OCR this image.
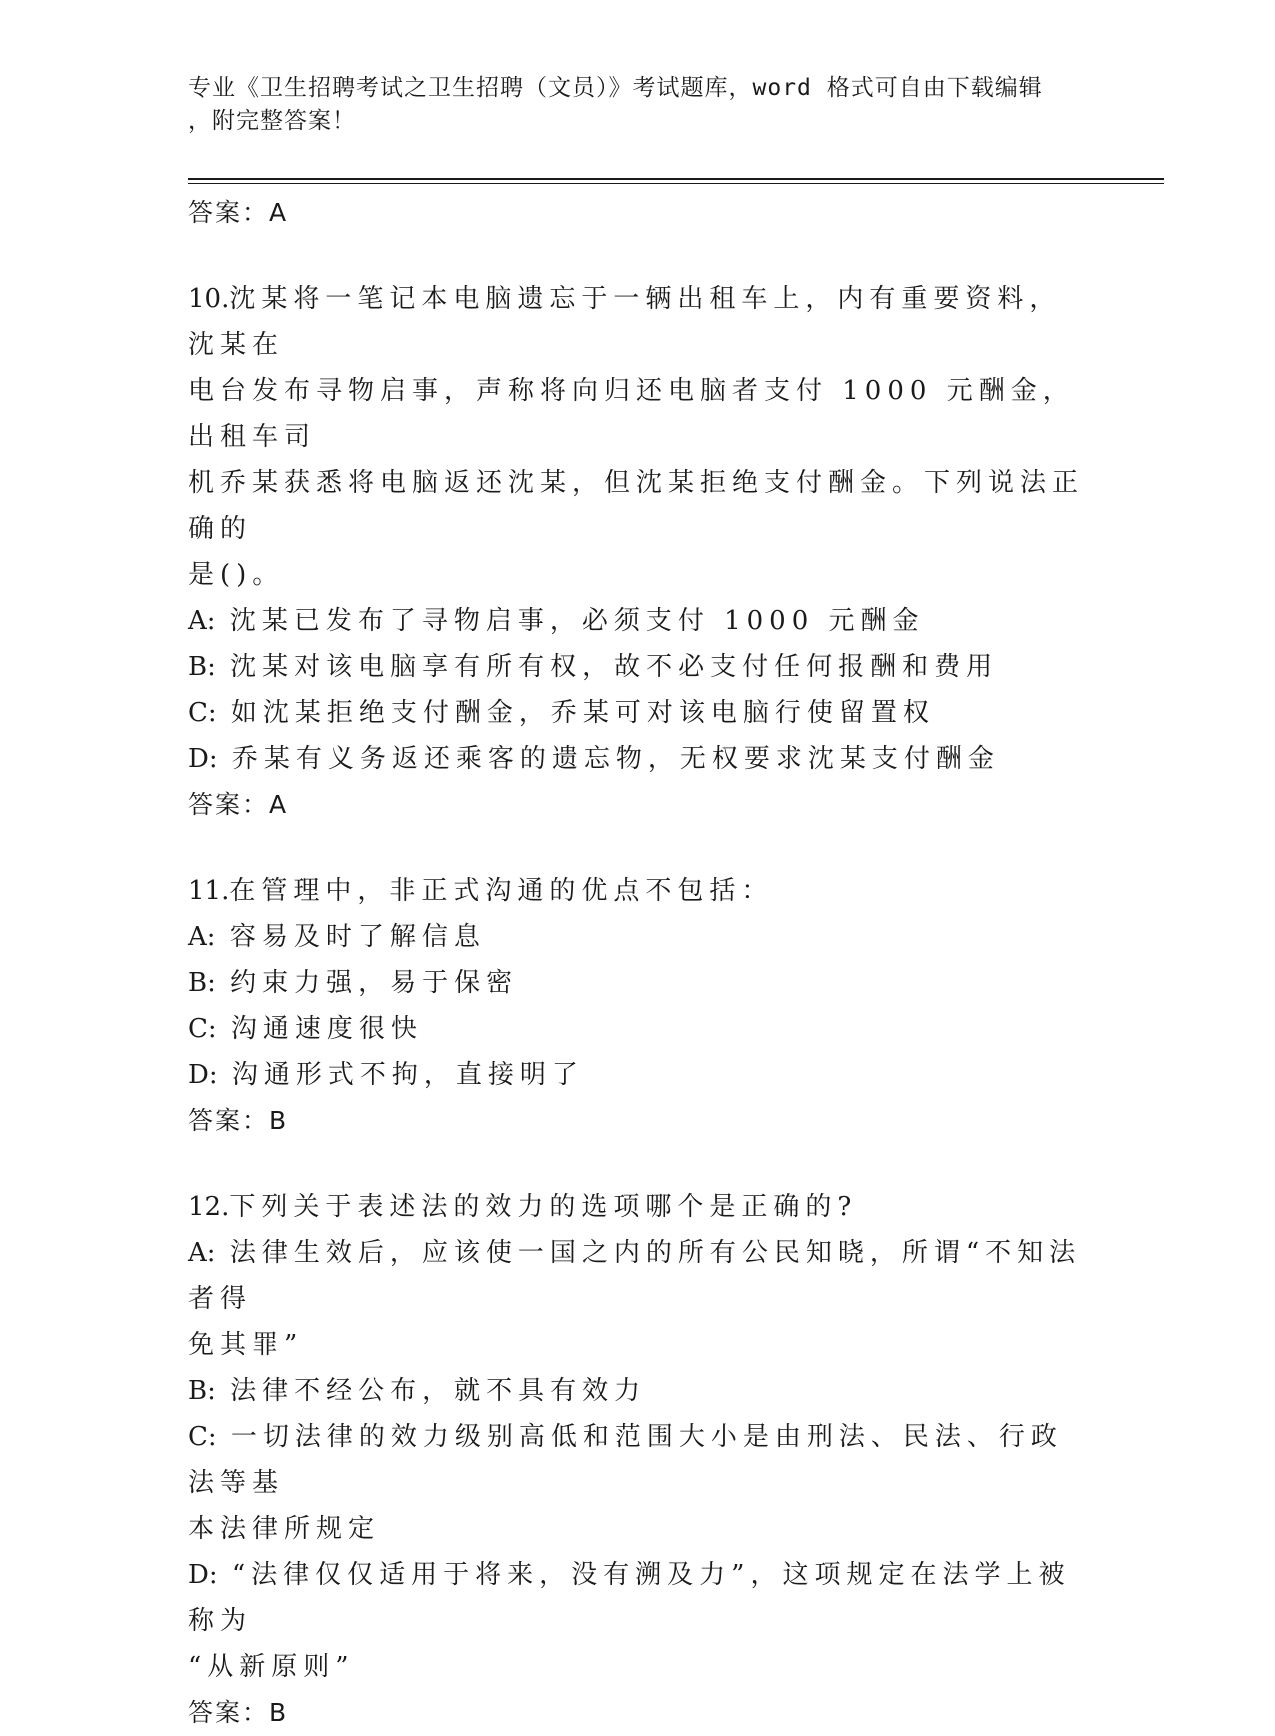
专业《卫生招聘考试之卫生招聘（文员）》考试题库，word 格式可自由下载编辑
，附完整答案！
答案：A
10.沈某将一笔记本电脑遗忘于一辆出租车上，内有重要资料，沈某在
电台发布寻物启事，声称将向归还电脑者支付 1000 元酬金，出租车司
机乔某获悉将电脑返还沈某，但沈某拒绝支付酬金。下列说法正确的
是()。
A: 沈某已发布了寻物启事，必须支付 1000 元酬金
B: 沈某对该电脑享有所有权，故不必支付任何报酬和费用
C: 如沈某拒绝支付酬金，乔某可对该电脑行使留置权
D: 乔某有义务返还乘客的遗忘物，无权要求沈某支付酬金
答案：A
11.在管理中，非正式沟通的优点不包括：
A: 容易及时了解信息
B: 约束力强，易于保密
C: 沟通速度很快
D: 沟通形式不拘，直接明了
答案：B
12.下列关于表述法的效力的选项哪个是正确的?
A: 法律生效后，应该使一国之内的所有公民知晓，所谓“不知法者得
免其罪”
B: 法律不经公布，就不具有效力
C: 一切法律的效力级别高低和范围大小是由刑法、民法、行政法等基
本法律所规定
D: “法律仅仅适用于将来，没有溯及力”，这项规定在法学上被称为
“从新原则”
答案：B
